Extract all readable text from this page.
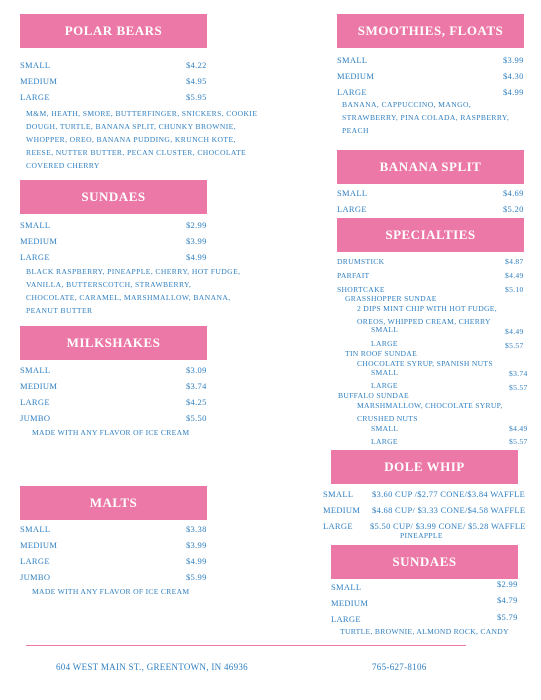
POLAR BEARS
SMALL	$4.22
MEDIUM	$4.95
LARGE	$5.95
M&M, HEATH, SMORE, BUTTERFINGER, SNICKERS, COOKIE
DOUGH, TURTLE, BANANA SPLIT, CHUNKY BROWNIE,
WHOPPER, OREO, BANANA PUDDING, KRUNCH KOTE,
REESE, NUTTER BUTTER, PECAN CLUSTER, CHOCOLATE
COVERED CHERRY
SUNDAES
SMALL	$2.99
MEDIUM	$3.99
LARGE	$4.99
BLACK RASPBERRY, PINEAPPLE, CHERRY, HOT FUDGE,
VANILLA, BUTTERSCOTCH, STRAWBERRY,
CHOCOLATE, CARAMEL, MARSHMALLOW, BANANA,
PEANUT BUTTER
MILKSHAKES
SMALL	$3.09
MEDIUM	$3.74
LARGE	$4.25
JUMBO	$5.50
MADE WITH ANY FLAVOR OF ICE CREAM
MALTS
SMALL	$3.38
MEDIUM	$3.99
LARGE	$4.99
JUMBO	$5.99
MADE WITH ANY FLAVOR OF ICE CREAM
SMOOTHIES, FLOATS
SMALL	$3.99
MEDIUM	$4.30
LARGE	$4.99
BANANA, CAPPUCCINO, MANGO,
STRAWBERRY, PINA COLADA, RASPBERRY,
PEACH
BANANA SPLIT
SMALL	$4.69
LARGE	$5.20
SPECIALTIES
DRUMSTICK	$4.87
PARFAIT	$4.49
SHORTCAKE	$5.10
GRASSHOPPER SUNDAE
2 DIPS MINT CHIP WITH HOT FUDGE,
OREOS, WHIPPED CREAM, CHERRY
SMALL	$4.49
LARGE	$5.57
TIN ROOF SUNDAE
CHOCOLATE SYRUP, SPANISH NUTS
SMALL	$3.74
LARGE	$5.57
BUFFALO SUNDAE
MARSHMALLOW, CHOCOLATE SYRUP,
CRUSHED NUTS
SMALL	$4.49
LARGE	$5.57
DOLE WHIP
SMALL $3.60 CUP /$2.77 CONE/$3.84 WAFFLE
MEDIUM $4.68 CUP/ $3.33 CONE/$4.58 WAFFLE
LARGE $5.50 CUP/ $3.99 CONE/ $5.28 WAFFLE
PINEAPPLE
SUNDAES
SMALL	$2.99
MEDIUM	$4.79
LARGE	$5.79
TURTLE, BROWNIE, ALMOND ROCK, CANDY
604 WEST MAIN ST., GREENTOWN, IN 46936	765-627-8106
